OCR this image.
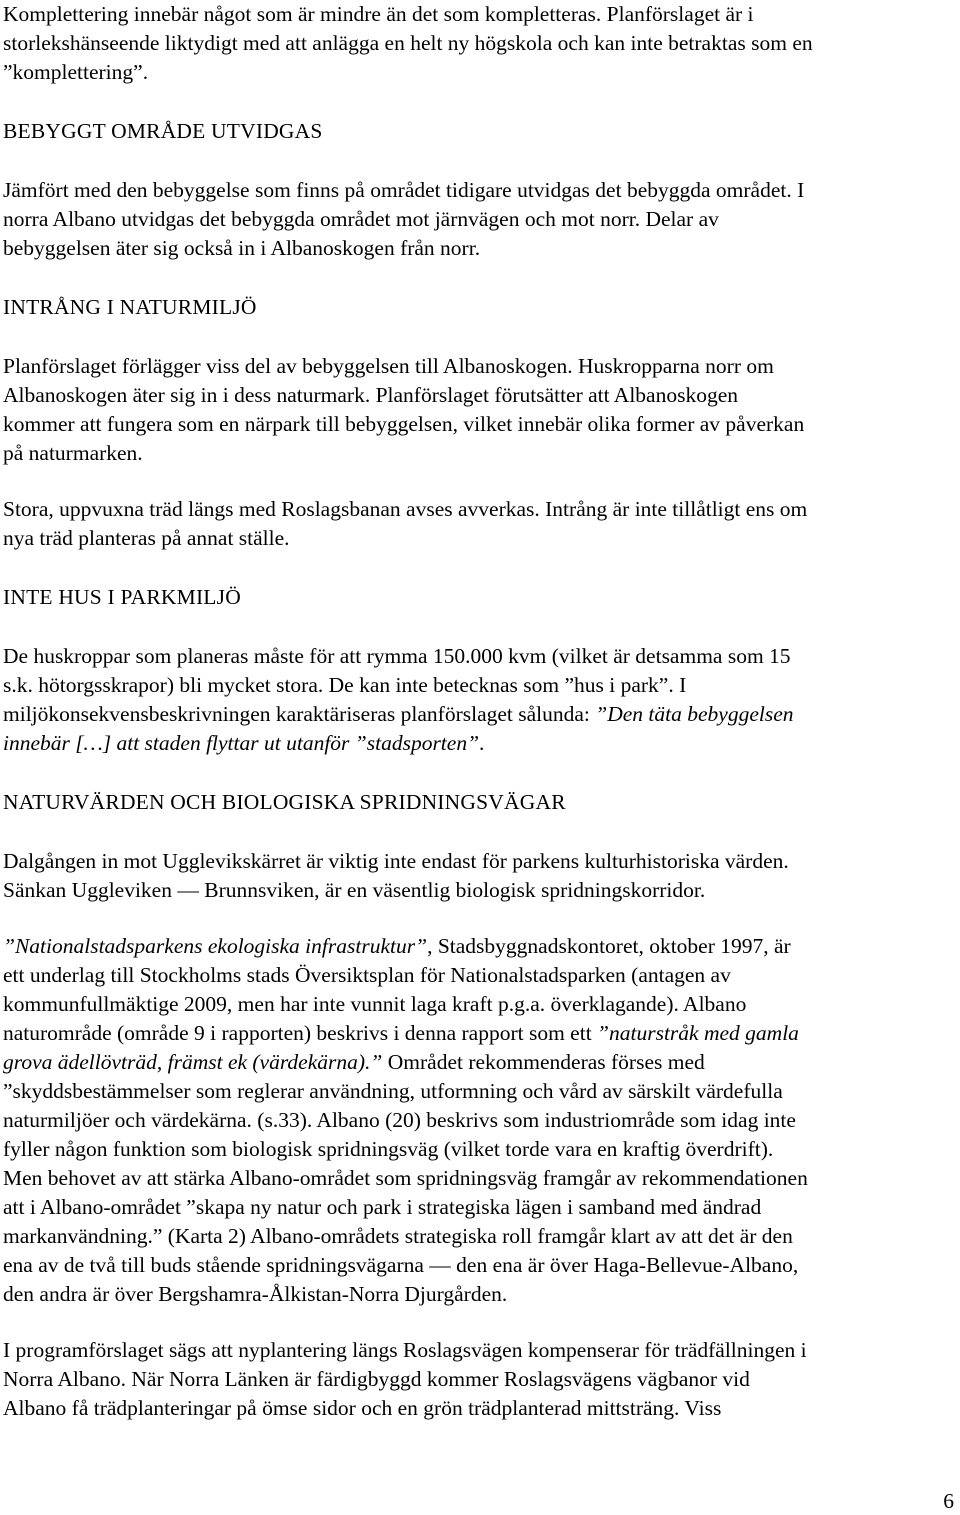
Komplettering innebär något som är mindre än det som kompletteras. Planförslaget är i
storlekshänseende liktydigt med att anlägga en helt ny högskola och kan inte betraktas som en
”komplettering”.
BEBYGGT OMRÅDE UTVIDGAS
Jämfört med den bebyggelse som finns på området tidigare utvidgas det bebyggda området. I
norra Albano utvidgas det bebyggda området mot järnvägen och mot norr. Delar av
bebyggelsen äter sig också in i Albanoskogen från norr.
INTRÅNG I NATURMILJÖ
Planförslaget förlägger viss del av bebyggelsen till Albanoskogen. Huskropparna norr om
Albanoskogen äter sig in i dess naturmark. Planförslaget förutsätter att Albanoskogen
kommer att fungera som en närpark till bebyggelsen, vilket innebär olika former av påverkan
på naturmarken.
Stora, uppvuxna träd längs med Roslagsbanan avses avverkas. Intrång är inte tillåtligt ens om
nya träd planteras på annat ställe.
INTE HUS I PARKMILJÖ
De huskroppar som planeras måste för att rymma 150.000 kvm (vilket är detsamma som 15
s.k. hötorgsskrapor) bli mycket stora. De kan inte betecknas som ”hus i park”. I
miljökonsekvensbeskrivningen karaktäriseras planförslaget sålunda: ”Den täta bebyggelsen
innebär […] att staden flyttar ut utanför ”stadsporten”.
NATURVÄRDEN OCH BIOLOGISKA SPRIDNINGSVÄGAR
Dalgången in mot Ugglevikskärret är viktig inte endast för parkens kulturhistoriska värden.
Sänkan Uggleviken — Brunnsviken, är en väsentlig biologisk spridningskorridor.
”Nationalstadsparkens ekologiska infrastruktur”, Stadsbyggnadskontoret, oktober 1997, är
ett underlag till Stockholms stads Översiktsplan för Nationalstadsparken (antagen av
kommunfullmäktige 2009, men har inte vunnit laga kraft p.g.a. överklagande). Albano
naturområde (område 9 i rapporten) beskrivs i denna rapport som ett ”naturstråk med gamla
grova ädellövträd, främst ek (värdekärna).” Området rekommenderas förses med
”skyddsbestämmelser som reglerar användning, utformning och vård av särskilt värdefulla
naturmiljöer och värdekärna. (s.33). Albano (20) beskrivs som industriområde som idag inte
fyller någon funktion som biologisk spridningsväg (vilket torde vara en kraftig överdrift).
Men behovet av att stärka Albano-området som spridningsväg framgår av rekommendationen
att i Albano-området ”skapa ny natur och park i strategiska lägen i samband med ändrad
markanvändning.” (Karta 2) Albano-områdets strategiska roll framgår klart av att det är den
ena av de två till buds stående spridningsvägarna — den ena är över Haga-Bellevue-Albano,
den andra är över Bergshamra-Ålkistan-Norra Djurgården.
I programförslaget sägs att nyplantering längs Roslagsvägen kompenserar för trädfällningen i
Norra Albano. När Norra Länken är färdigbyggd kommer Roslagsvägens vägbanor vid
Albano få trädplanteringar på ömse sidor och en grön trädplanterad mittsträng. Viss
6
